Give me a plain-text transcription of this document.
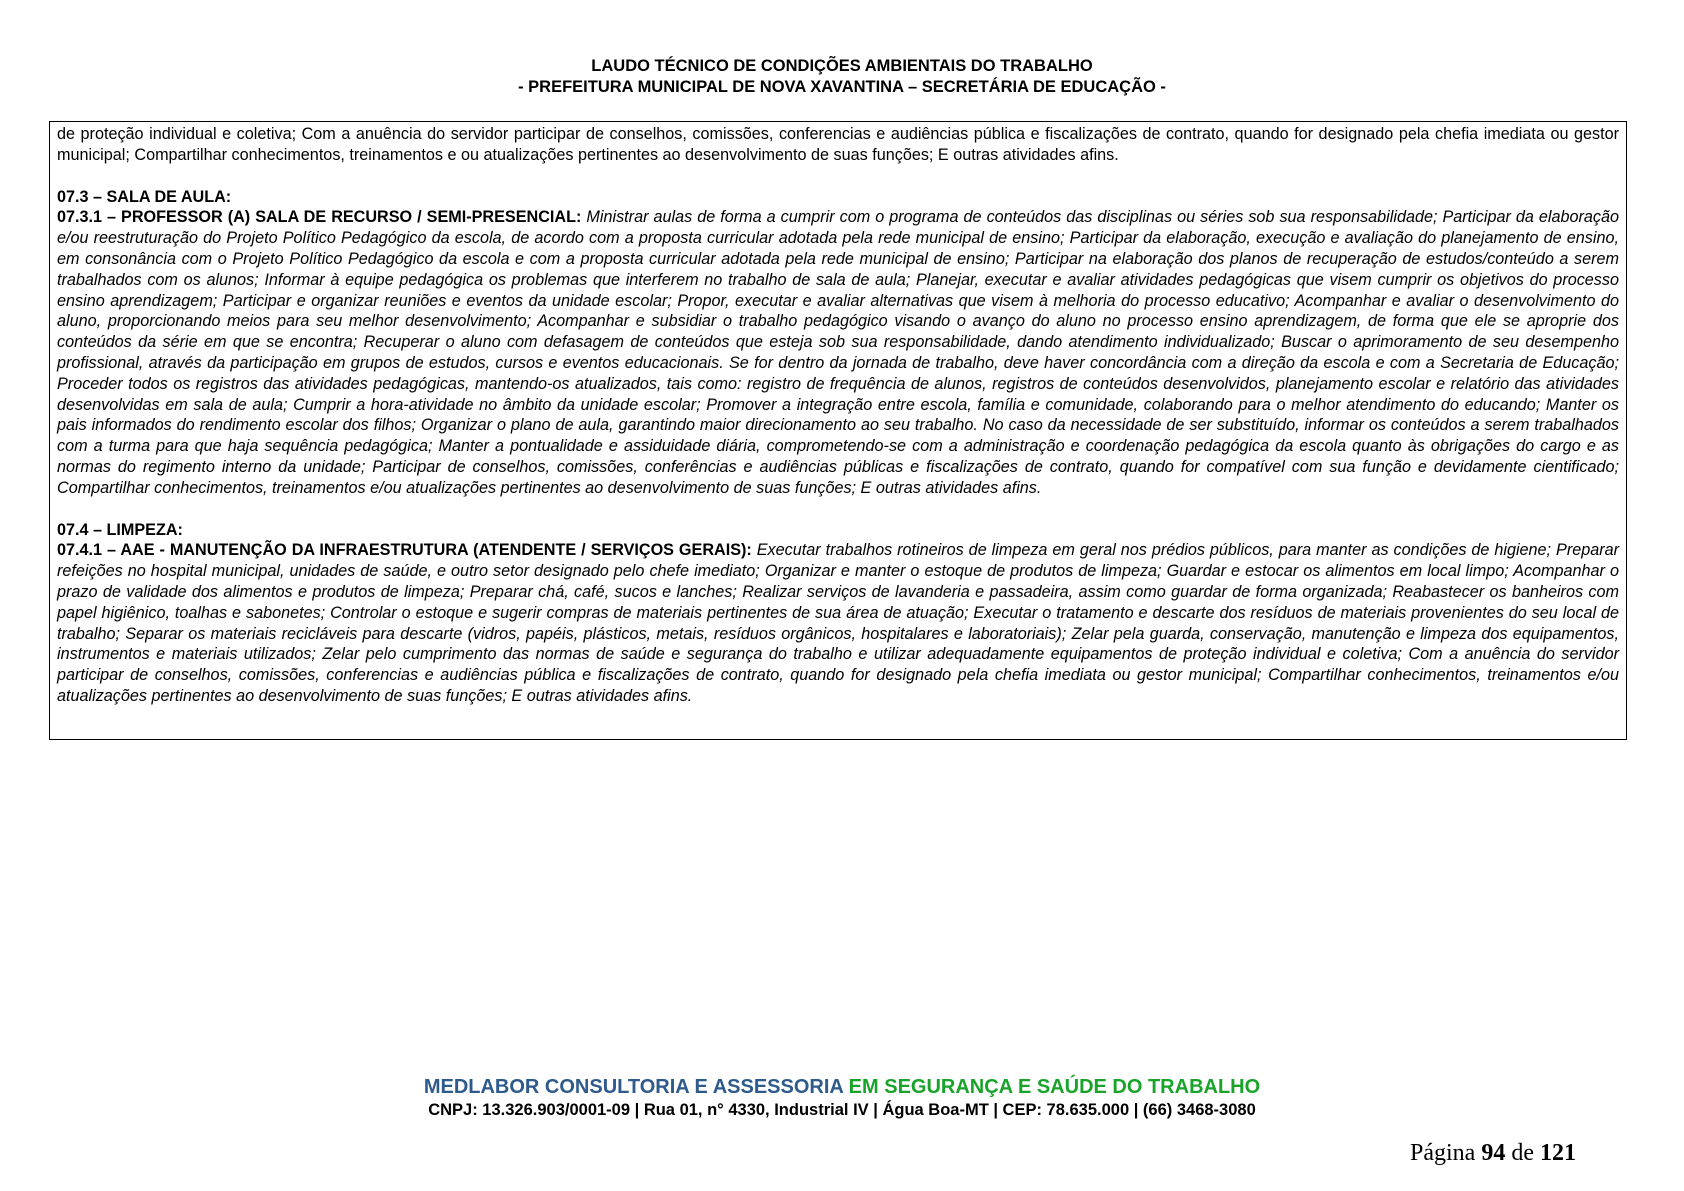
LAUDO TÉCNICO DE CONDIÇÕES AMBIENTAIS DO TRABALHO
- PREFEITURA MUNICIPAL DE NOVA XAVANTINA – SECRETÁRIA DE EDUCAÇÃO -

de proteção individual e coletiva; Com a anuência do servidor participar de conselhos, comissões, conferencias e audiências pública e fiscalizações de contrato, quando for designado pela chefia imediata ou gestor municipal; Compartilhar conhecimentos, treinamentos e ou atualizações pertinentes ao desenvolvimento de suas funções; E outras atividades afins.

07.3 – SALA DE AULA:

07.3.1 – PROFESSOR (A) SALA DE RECURSO / SEMI-PRESENCIAL: Ministrar aulas de forma a cumprir com o programa de conteúdos das disciplinas ou séries sob sua responsabilidade; Participar da elaboração e/ou reestruturação do Projeto Político Pedagógico da escola, de acordo com a proposta curricular adotada pela rede municipal de ensino; Participar da elaboração, execução e avaliação do planejamento de ensino, em consonância com o Projeto Político Pedagógico da escola e com a proposta curricular adotada pela rede municipal de ensino; Participar na elaboração dos planos de recuperação de estudos/conteúdo a serem trabalhados com os alunos; Informar à equipe pedagógica os problemas que interferem no trabalho de sala de aula; Planejar, executar e avaliar atividades pedagógicas que visem cumprir os objetivos do processo ensino aprendizagem; Participar e organizar reuniões e eventos da unidade escolar; Propor, executar e avaliar alternativas que visem à melhoria do processo educativo; Acompanhar e avaliar o desenvolvimento do aluno, proporcionando meios para seu melhor desenvolvimento; Acompanhar e subsidiar o trabalho pedagógico visando o avanço do aluno no processo ensino aprendizagem, de forma que ele se aproprie dos conteúdos da série em que se encontra; Recuperar o aluno com defasagem de conteúdos que esteja sob sua responsabilidade, dando atendimento individualizado; Buscar o aprimoramento de seu desempenho profissional, através da participação em grupos de estudos, cursos e eventos educacionais. Se for dentro da jornada de trabalho, deve haver concordância com a direção da escola e com a Secretaria de Educação; Proceder todos os registros das atividades pedagógicas, mantendo-os atualizados, tais como: registro de frequência de alunos, registros de conteúdos desenvolvidos, planejamento escolar e relatório das atividades desenvolvidas em sala de aula; Cumprir a hora-atividade no âmbito da unidade escolar; Promover a integração entre escola, família e comunidade, colaborando para o melhor atendimento do educando; Manter os pais informados do rendimento escolar dos filhos; Organizar o plano de aula, garantindo maior direcionamento ao seu trabalho. No caso da necessidade de ser substituído, informar os conteúdos a serem trabalhados com a turma para que haja sequência pedagógica; Manter a pontualidade e assiduidade diária, comprometendo-se com a administração e coordenação pedagógica da escola quanto às obrigações do cargo e as normas do regimento interno da unidade; Participar de conselhos, comissões, conferências e audiências públicas e fiscalizações de contrato, quando for compatível com sua função e devidamente cientificado; Compartilhar conhecimentos, treinamentos e/ou atualizações pertinentes ao desenvolvimento de suas funções; E outras atividades afins.

07.4 – LIMPEZA:

07.4.1 – AAE - MANUTENÇÃO DA INFRAESTRUTURA (ATENDENTE / SERVIÇOS GERAIS): Executar trabalhos rotineiros de limpeza em geral nos prédios públicos, para manter as condições de higiene; Preparar refeições no hospital municipal, unidades de saúde, e outro setor designado pelo chefe imediato; Organizar e manter o estoque de produtos de limpeza; Guardar e estocar os alimentos em local limpo; Acompanhar o prazo de validade dos alimentos e produtos de limpeza; Preparar chá, café, sucos e lanches; Realizar serviços de lavanderia e passadeira, assim como guardar de forma organizada; Reabastecer os banheiros com papel higiênico, toalhas e sabonetes; Controlar o estoque e sugerir compras de materiais pertinentes de sua área de atuação; Executar o tratamento e descarte dos resíduos de materiais provenientes do seu local de trabalho; Separar os materiais recicláveis para descarte (vidros, papéis, plásticos, metais, resíduos orgânicos, hospitalares e laboratoriais); Zelar pela guarda, conservação, manutenção e limpeza dos equipamentos, instrumentos e materiais utilizados; Zelar pelo cumprimento das normas de saúde e segurança do trabalho e utilizar adequadamente equipamentos de proteção individual e coletiva; Com a anuência do servidor participar de conselhos, comissões, conferencias e audiências pública e fiscalizações de contrato, quando for designado pela chefia imediata ou gestor municipal; Compartilhar conhecimentos, treinamentos e/ou atualizações pertinentes ao desenvolvimento de suas funções; E outras atividades afins.

MEDLABOR CONSULTORIA E ASSESSORIA EM SEGURANÇA E SAÚDE DO TRABALHO
CNPJ: 13.326.903/0001-09 | Rua 01, n° 4330, Industrial IV | Água Boa-MT | CEP: 78.635.000 | (66) 3468-3080
Página 94 de 121
